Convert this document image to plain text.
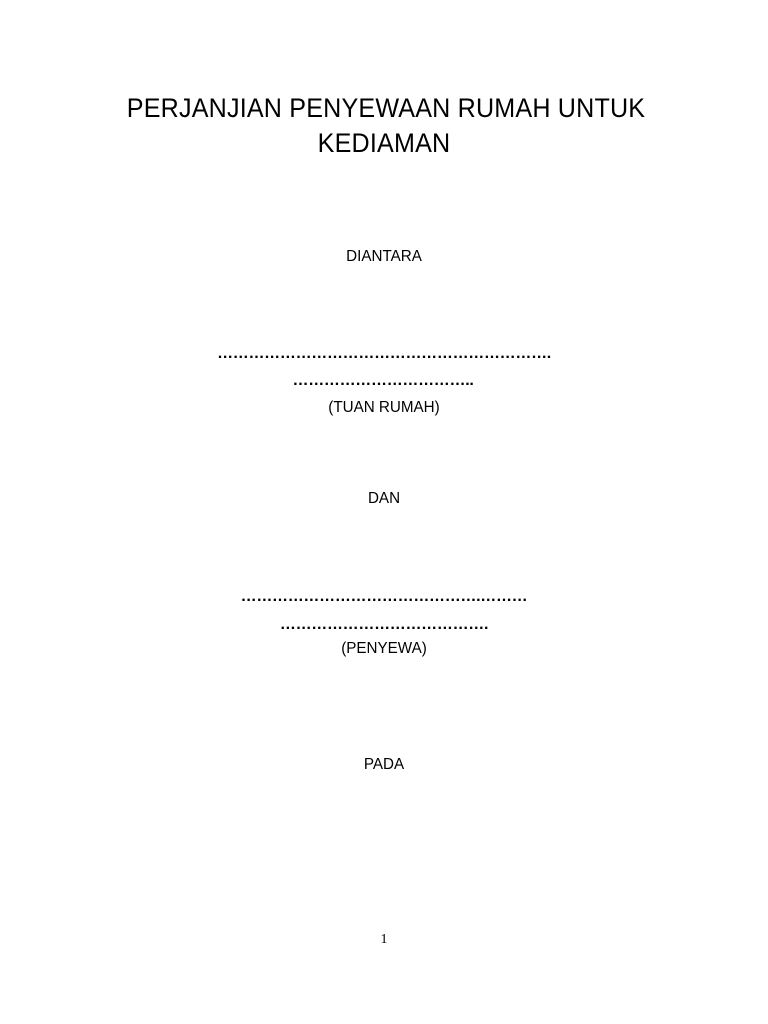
PERJANJIAN PENYEWAAN RUMAH UNTUK
KEDIAMAN
DIANTARA
……………………………………………………….
……………………………..
(TUAN RUMAH)
DAN
……………………………………….………
………………………………….
(PENYEWA)
PADA
1
